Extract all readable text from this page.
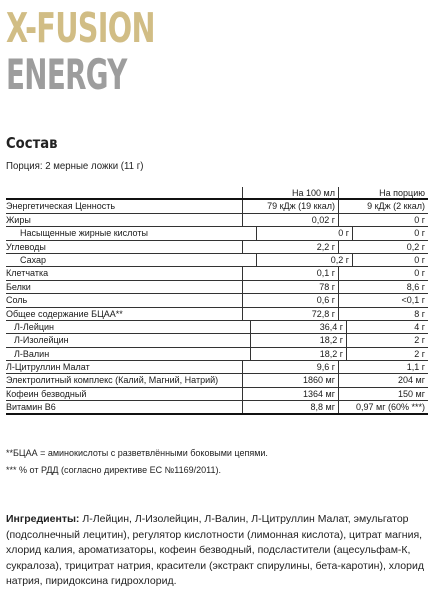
X-FUSION
ENERGY
Состав
Порция: 2 мерные ложки (11 г)
На 100 мл	На порцию
Энергетическая Ценность	79 кДж (19 ккал)	9 кДж (2 ккал)
Жиры	0,02 г	0 г
Насыщенные жирные кислоты	0 г	0 г
Углеводы	2,2 г	0,2 г
Сахар	0,2 г	0 г
Клетчатка	0,1 г	0 г
Белки	78 г	8,6 г
Соль	0,6 г	<0,1 г
Общее содержание БЦАА**	72,8 г	8 г
Л-Лейцин	36,4 г	4 г
Л-Изолейцин	18,2 г	2 г
Л-Валин	18,2 г	2 г
Л-Цитруллин Малат	9,6 г	1,1 г
Электролитный комплекс (Калий, Магний, Натрий)	1860 мг	204 мг
Кофеин безводный	1364 мг	150 мг
Витамин B6	8,8 мг	0,97 мг (60% ***)
**БЦАА = аминокислоты с разветвлёнными боковыми цепями.
*** % от РДД (согласно директиве ЕС №1169/2011).
Ингредиенты: Л-Лейцин, Л-Изолейцин, Л-Валин, Л-Цитруллин Малат, эмульгатор (подсолнечный лецитин), регулятор кислотности (лимонная кислота), цитрат магния, хлорид калия, ароматизаторы, кофеин безводный, подсластители (ацесульфам-К, сукралоза), трицитрат натрия, красители (экстракт спирулины, бета-каротин), хлорид натрия, пиридоксина гидрохлорид.
